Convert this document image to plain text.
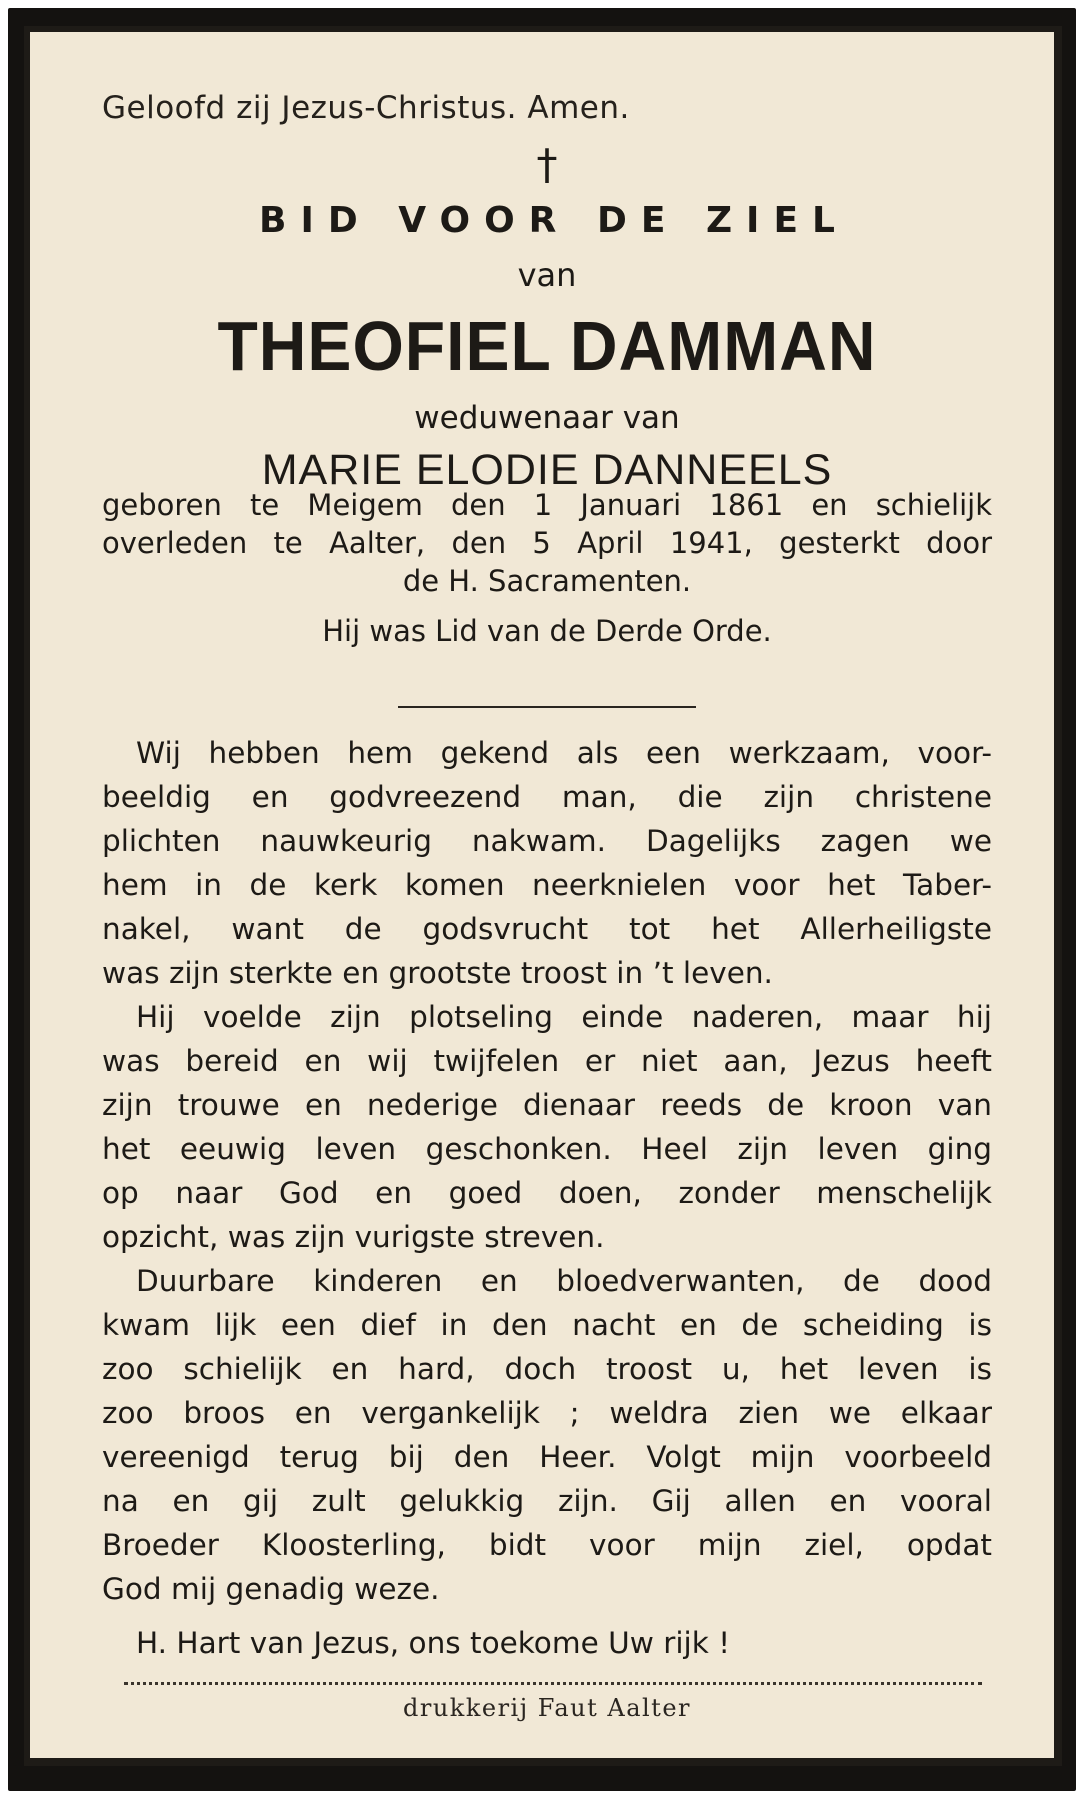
Geloofd zij Jezus-Christus. Amen.
†
BID VOOR DE ZIEL
van
THEOFIEL DAMMAN
weduwenaar van
MARIE ELODIE DANNEELS
geboren te Meigem den 1 Januari 1861 en schielijk
overleden te Aalter, den 5 April 1941, gesterkt door
de H. Sacramenten.
Hij was Lid van de Derde Orde.
Wij hebben hem gekend als een werkzaam, voor-
beeldig en godvreezend man, die zijn christene
plichten nauwkeurig nakwam. Dagelijks zagen we
hem in de kerk komen neerknielen voor het Taber-
nakel, want de godsvrucht tot het Allerheiligste
was zijn sterkte en grootste troost in ’t leven.
Hij voelde zijn plotseling einde naderen, maar hij
was bereid en wij twijfelen er niet aan, Jezus heeft
zijn trouwe en nederige dienaar reeds de kroon van
het eeuwig leven geschonken. Heel zijn leven ging
op naar God en goed doen, zonder menschelijk
opzicht, was zijn vurigste streven.
Duurbare kinderen en bloedverwanten, de dood
kwam lijk een dief in den nacht en de scheiding is
zoo schielijk en hard, doch troost u, het leven is
zoo broos en vergankelijk ; weldra zien we elkaar
vereenigd terug bij den Heer. Volgt mijn voorbeeld
na en gij zult gelukkig zijn. Gij allen en vooral
Broeder Kloosterling, bidt voor mijn ziel, opdat
God mij genadig weze.
H. Hart van Jezus, ons toekome Uw rijk !
drukkerij Faut Aalter
